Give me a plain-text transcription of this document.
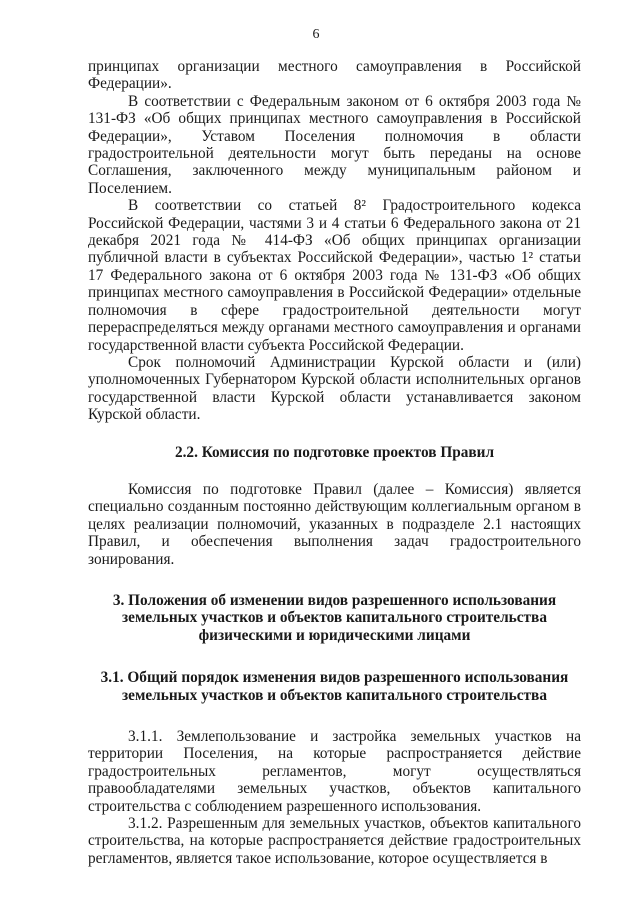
6

принципах организации местного самоуправления в Российской Федерации».

В соответствии с Федеральным законом от 6 октября 2003 года № 131-ФЗ «Об общих принципах местного самоуправления в Российской Федерации», Уставом Поселения полномочия в области градостроительной деятельности могут быть переданы на основе Соглашения, заключенного между муниципальным районом и Поселением.

В соответствии со статьей 8² Градостроительного кодекса Российской Федерации, частями 3 и 4 статьи 6 Федерального закона от 21 декабря 2021 года № 414-ФЗ «Об общих принципах организации публичной власти в субъектах Российской Федерации», частью 1² статьи 17 Федерального закона от 6 октября 2003 года № 131-ФЗ «Об общих принципах местного самоуправления в Российской Федерации» отдельные полномочия в сфере градостроительной деятельности могут перераспределяться между органами местного самоуправления и органами государственной власти субъекта Российской Федерации.

Срок полномочий Администрации Курской области и (или) уполномоченных Губернатором Курской области исполнительных органов государственной власти Курской области устанавливается законом Курской области.

2.2. Комиссия по подготовке проектов Правил

Комиссия по подготовке Правил (далее – Комиссия) является специально созданным постоянно действующим коллегиальным органом в целях реализации полномочий, указанных в подразделе 2.1 настоящих Правил, и обеспечения выполнения задач градостроительного зонирования.

3. Положения об изменении видов разрешенного использования

земельных участков и объектов капитального строительства

физическими и юридическими лицами

3.1. Общий порядок изменения видов разрешенного использования

земельных участков и объектов капитального строительства

3.1.1. Землепользование и застройка земельных участков на территории Поселения, на которые распространяется действие градостроительных регламентов, могут осуществляться правообладателями земельных участков, объектов капитального строительства с соблюдением разрешенного использования.

3.1.2. Разрешенным для земельных участков, объектов капитального строительства, на которые распространяется действие градостроительных регламентов, является такое использование, которое осуществляется в
